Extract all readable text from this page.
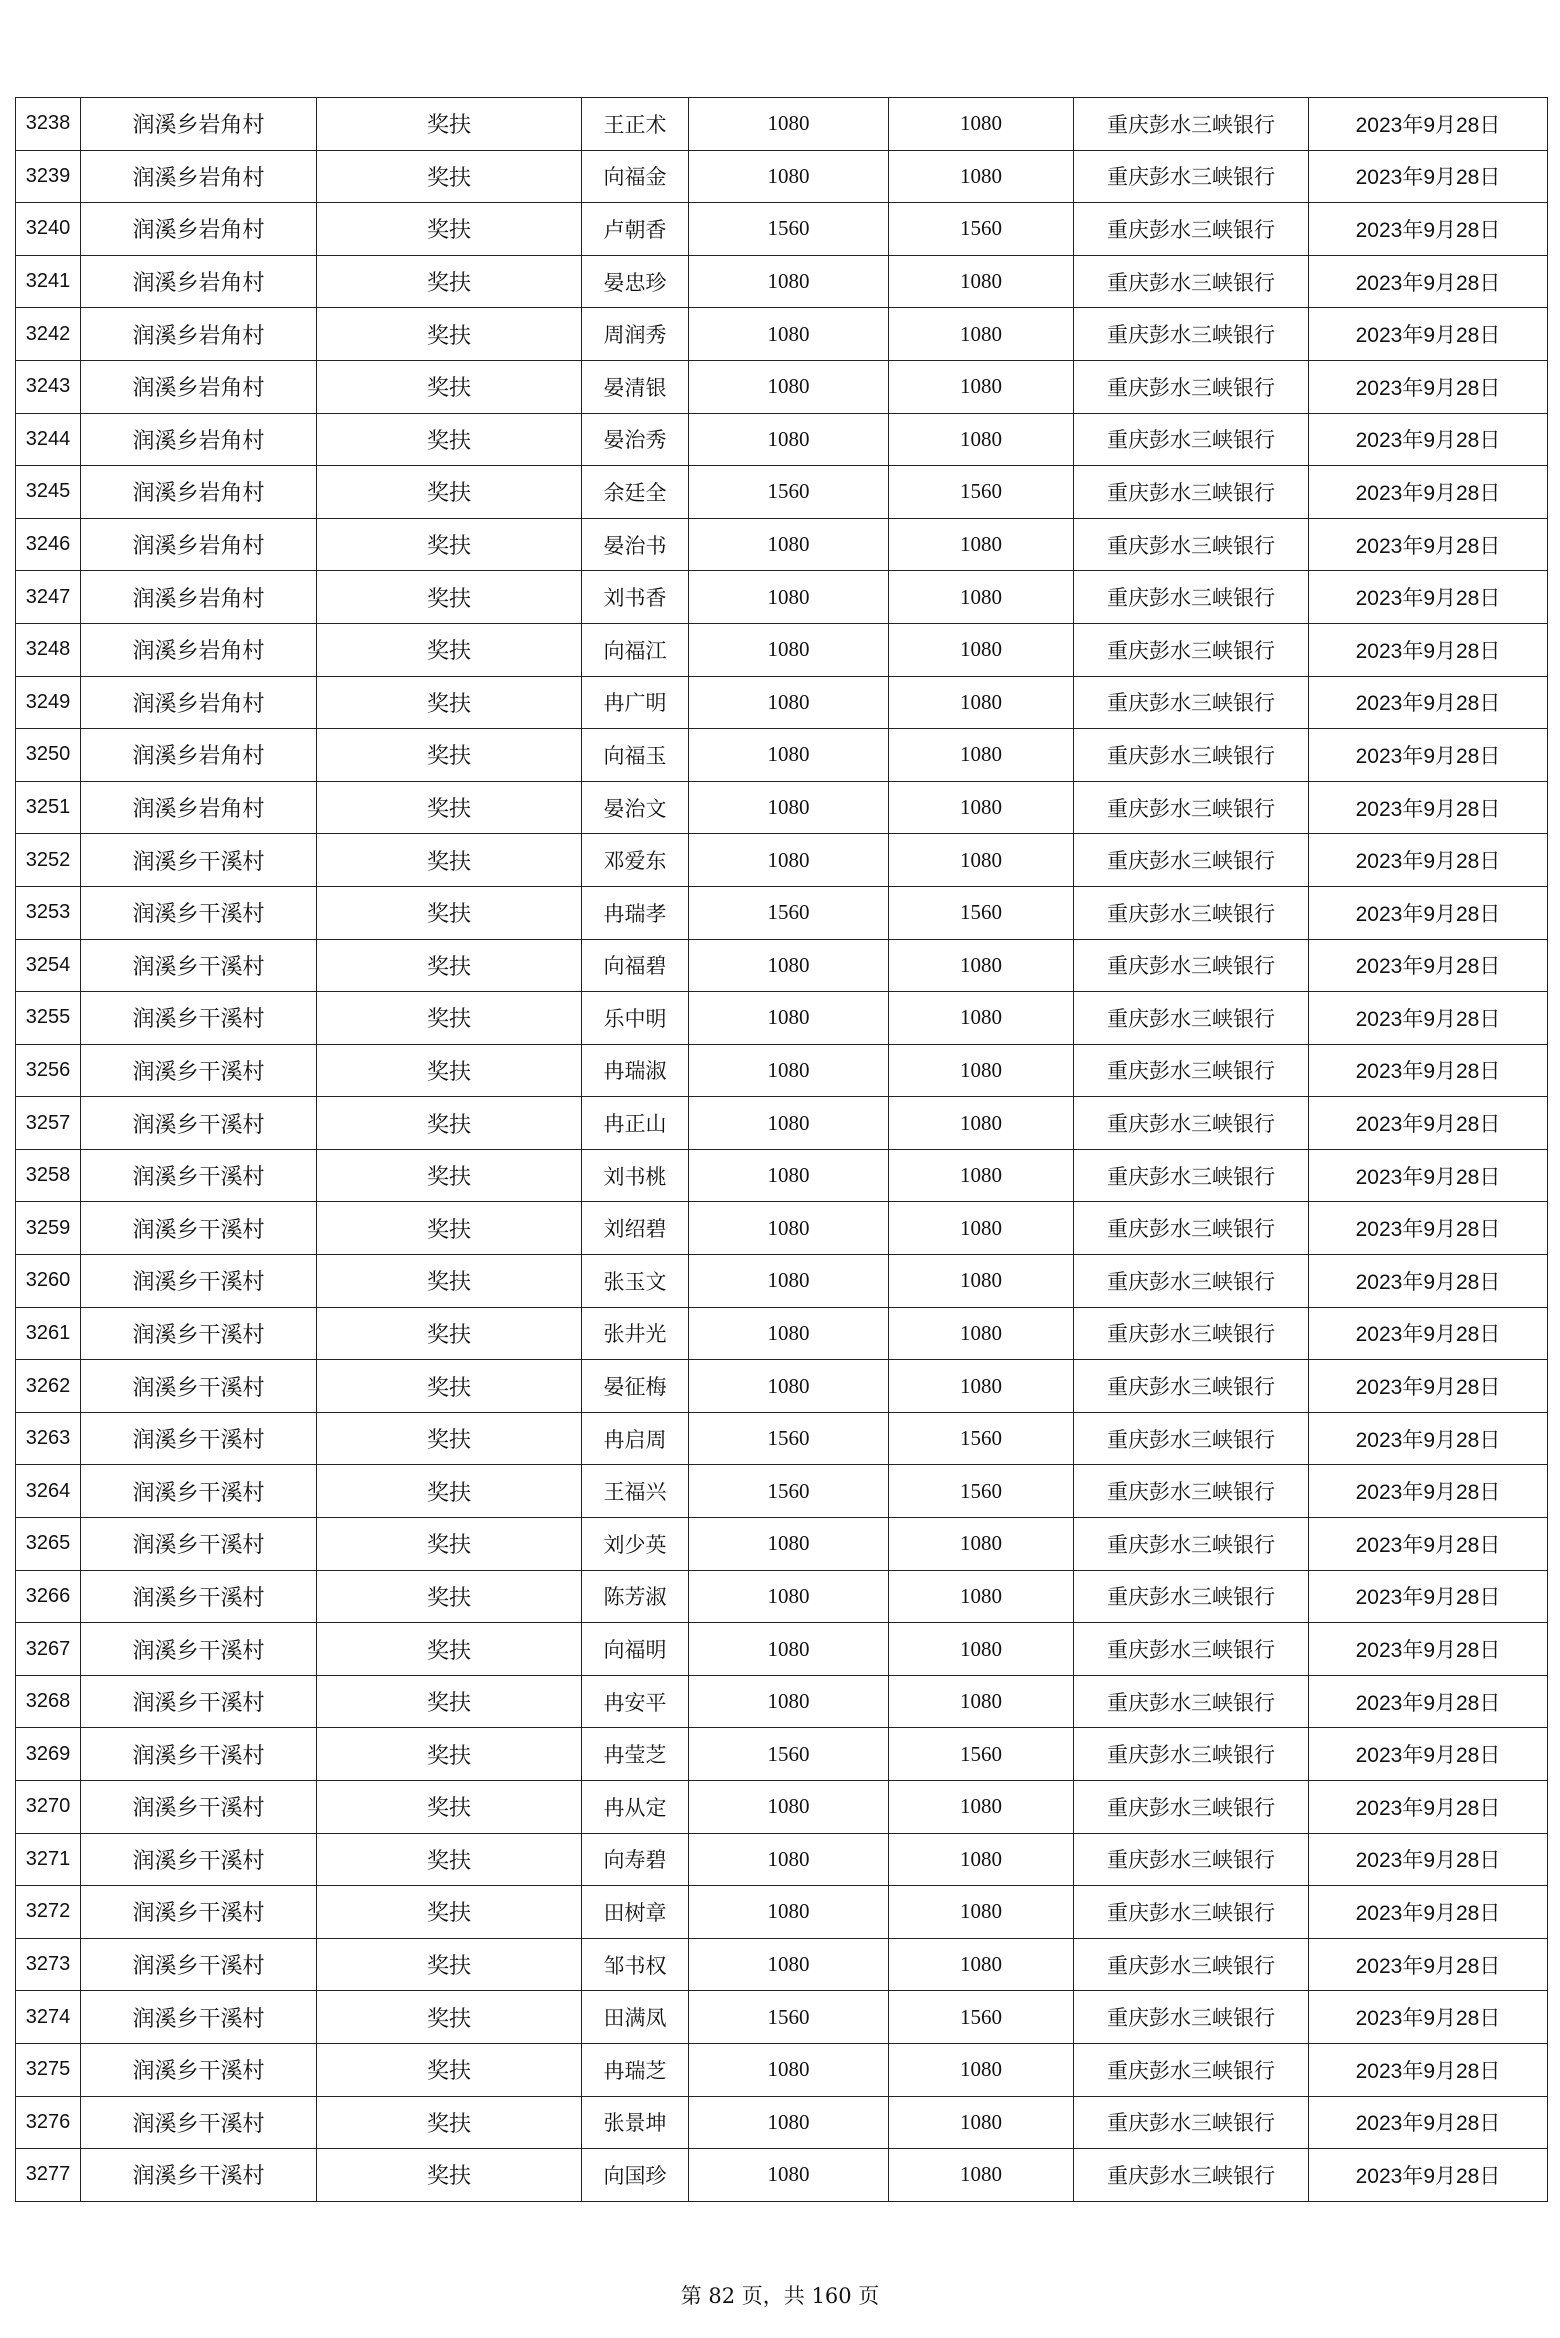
3238	润溪乡岩角村	奖扶	王正术	1080	1080	重庆彭水三峡银行	2023年9月28日
3239	润溪乡岩角村	奖扶	向福金	1080	1080	重庆彭水三峡银行	2023年9月28日
3240	润溪乡岩角村	奖扶	卢朝香	1560	1560	重庆彭水三峡银行	2023年9月28日
3241	润溪乡岩角村	奖扶	晏忠珍	1080	1080	重庆彭水三峡银行	2023年9月28日
3242	润溪乡岩角村	奖扶	周润秀	1080	1080	重庆彭水三峡银行	2023年9月28日
3243	润溪乡岩角村	奖扶	晏清银	1080	1080	重庆彭水三峡银行	2023年9月28日
3244	润溪乡岩角村	奖扶	晏治秀	1080	1080	重庆彭水三峡银行	2023年9月28日
3245	润溪乡岩角村	奖扶	余廷全	1560	1560	重庆彭水三峡银行	2023年9月28日
3246	润溪乡岩角村	奖扶	晏治书	1080	1080	重庆彭水三峡银行	2023年9月28日
3247	润溪乡岩角村	奖扶	刘书香	1080	1080	重庆彭水三峡银行	2023年9月28日
3248	润溪乡岩角村	奖扶	向福江	1080	1080	重庆彭水三峡银行	2023年9月28日
3249	润溪乡岩角村	奖扶	冉广明	1080	1080	重庆彭水三峡银行	2023年9月28日
3250	润溪乡岩角村	奖扶	向福玉	1080	1080	重庆彭水三峡银行	2023年9月28日
3251	润溪乡岩角村	奖扶	晏治文	1080	1080	重庆彭水三峡银行	2023年9月28日
3252	润溪乡干溪村	奖扶	邓爱东	1080	1080	重庆彭水三峡银行	2023年9月28日
3253	润溪乡干溪村	奖扶	冉瑞孝	1560	1560	重庆彭水三峡银行	2023年9月28日
3254	润溪乡干溪村	奖扶	向福碧	1080	1080	重庆彭水三峡银行	2023年9月28日
3255	润溪乡干溪村	奖扶	乐中明	1080	1080	重庆彭水三峡银行	2023年9月28日
3256	润溪乡干溪村	奖扶	冉瑞淑	1080	1080	重庆彭水三峡银行	2023年9月28日
3257	润溪乡干溪村	奖扶	冉正山	1080	1080	重庆彭水三峡银行	2023年9月28日
3258	润溪乡干溪村	奖扶	刘书桃	1080	1080	重庆彭水三峡银行	2023年9月28日
3259	润溪乡干溪村	奖扶	刘绍碧	1080	1080	重庆彭水三峡银行	2023年9月28日
3260	润溪乡干溪村	奖扶	张玉文	1080	1080	重庆彭水三峡银行	2023年9月28日
3261	润溪乡干溪村	奖扶	张井光	1080	1080	重庆彭水三峡银行	2023年9月28日
3262	润溪乡干溪村	奖扶	晏征梅	1080	1080	重庆彭水三峡银行	2023年9月28日
3263	润溪乡干溪村	奖扶	冉启周	1560	1560	重庆彭水三峡银行	2023年9月28日
3264	润溪乡干溪村	奖扶	王福兴	1560	1560	重庆彭水三峡银行	2023年9月28日
3265	润溪乡干溪村	奖扶	刘少英	1080	1080	重庆彭水三峡银行	2023年9月28日
3266	润溪乡干溪村	奖扶	陈芳淑	1080	1080	重庆彭水三峡银行	2023年9月28日
3267	润溪乡干溪村	奖扶	向福明	1080	1080	重庆彭水三峡银行	2023年9月28日
3268	润溪乡干溪村	奖扶	冉安平	1080	1080	重庆彭水三峡银行	2023年9月28日
3269	润溪乡干溪村	奖扶	冉莹芝	1560	1560	重庆彭水三峡银行	2023年9月28日
3270	润溪乡干溪村	奖扶	冉从定	1080	1080	重庆彭水三峡银行	2023年9月28日
3271	润溪乡干溪村	奖扶	向寿碧	1080	1080	重庆彭水三峡银行	2023年9月28日
3272	润溪乡干溪村	奖扶	田树章	1080	1080	重庆彭水三峡银行	2023年9月28日
3273	润溪乡干溪村	奖扶	邹书权	1080	1080	重庆彭水三峡银行	2023年9月28日
3274	润溪乡干溪村	奖扶	田满凤	1560	1560	重庆彭水三峡银行	2023年9月28日
3275	润溪乡干溪村	奖扶	冉瑞芝	1080	1080	重庆彭水三峡银行	2023年9月28日
3276	润溪乡干溪村	奖扶	张景坤	1080	1080	重庆彭水三峡银行	2023年9月28日
3277	润溪乡干溪村	奖扶	向国珍	1080	1080	重庆彭水三峡银行	2023年9月28日
第 82 页，共 160 页
